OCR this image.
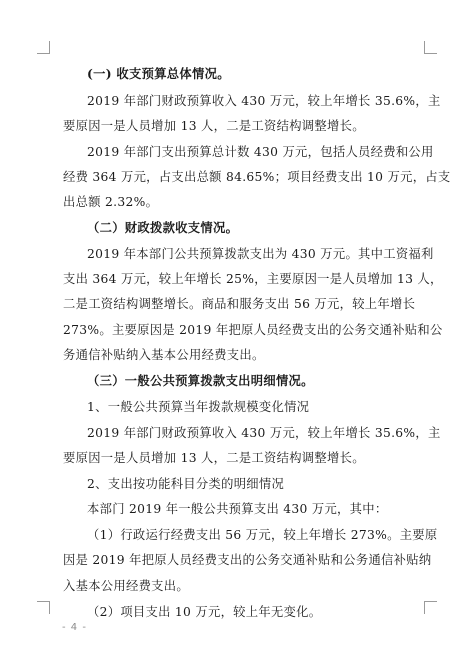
(一) 收支预算总体情况。
2019 年部门财政预算收入 430 万元，较上年增长 35.6%，主
要原因一是人员增加 13 人，二是工资结构调整增长。
2019 年部门支出预算总计数 430 万元，包括人员经费和公用
经费 364 万元，占支出总额 84.65%；项目经费支出 10 万元，占支
出总额 2.32%。
（二）财政拨款收支情况。
2019 年本部门公共预算拨款支出为 430 万元。其中工资福利
支出 364 万元，较上年增长 25%，主要原因一是人员增加 13 人，
二是工资结构调整增长。商品和服务支出 56 万元，较上年增长
273%。主要原因是 2019 年把原人员经费支出的公务交通补贴和公
务通信补贴纳入基本公用经费支出。
（三）一般公共预算拨款支出明细情况。
1、一般公共预算当年拨款规模变化情况
2019 年部门财政预算收入 430 万元，较上年增长 35.6%，主
要原因一是人员增加 13 人，二是工资结构调整增长。
2、支出按功能科目分类的明细情况
本部门 2019 年一般公共预算支出 430 万元，其中：
（1）行政运行经费支出 56 万元，较上年增长 273%。主要原
因是 2019 年把原人员经费支出的公务交通补贴和公务通信补贴纳
入基本公用经费支出。
（2）项目支出 10 万元，较上年无变化。
- 4 -
